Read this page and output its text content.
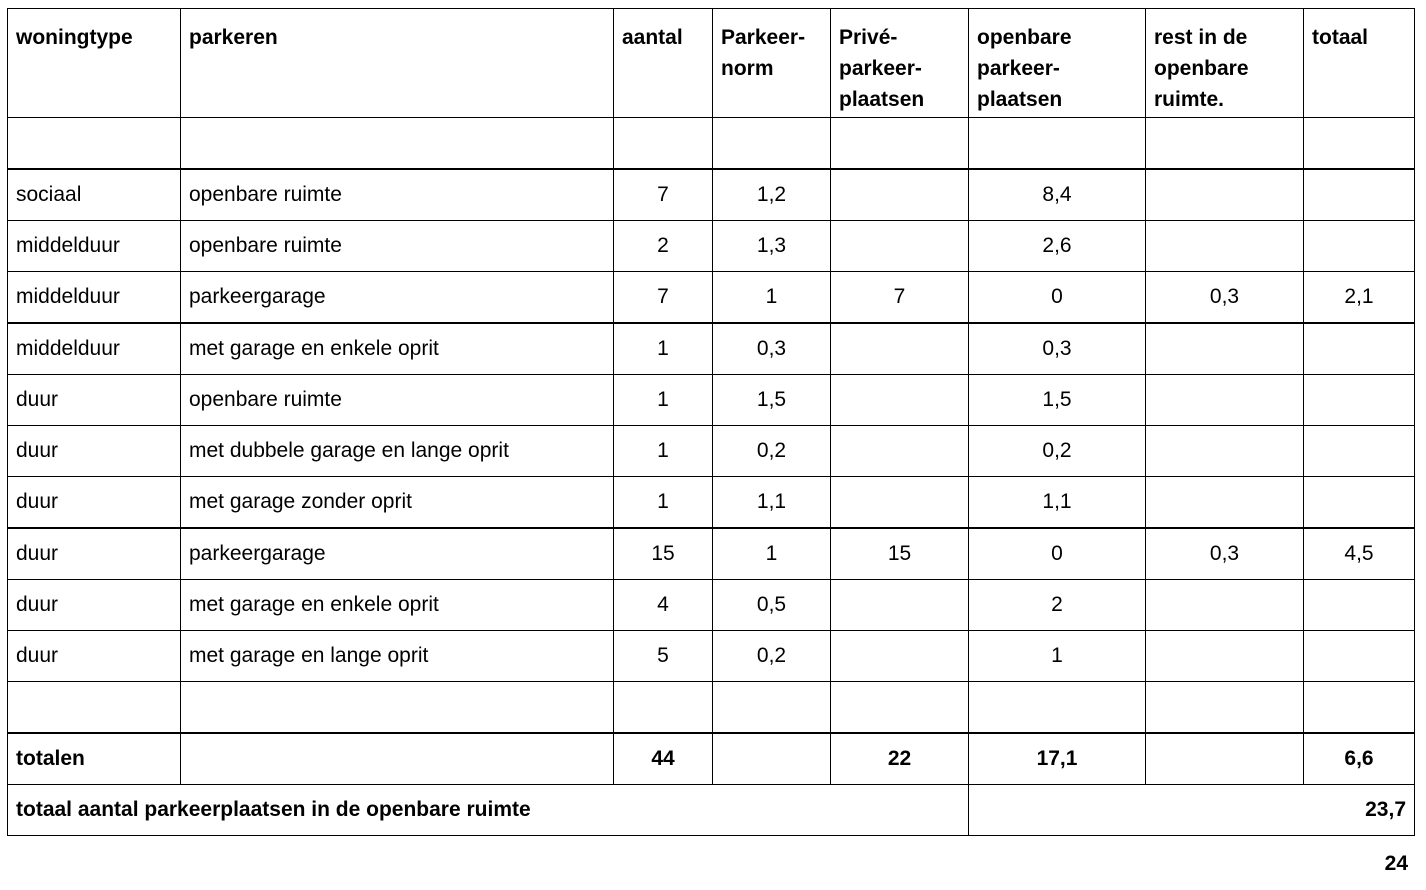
woningtype	parkeren	aantal	Parkeer-norm	Privé-parkeer-plaatsen	openbare parkeer-plaatsen	rest in de openbare ruimte.	totaal

sociaal	openbare ruimte	7	1,2		8,4		
middelduur	openbare ruimte	2	1,3		2,6		
middelduur	parkeergarage	7	1	7	0	0,3	2,1
middelduur	met garage en enkele oprit	1	0,3		0,3		
duur	openbare ruimte	1	1,5		1,5		
duur	met dubbele garage en lange oprit	1	0,2		0,2		
duur	met garage zonder oprit	1	1,1		1,1		
duur	parkeergarage	15	1	15	0	0,3	4,5
duur	met garage en enkele oprit	4	0,5		2		
duur	met garage en lange oprit	5	0,2		1		

totalen		44		22	17,1		6,6
totaal aantal parkeerplaatsen in de openbare ruimte					23,7		
24
